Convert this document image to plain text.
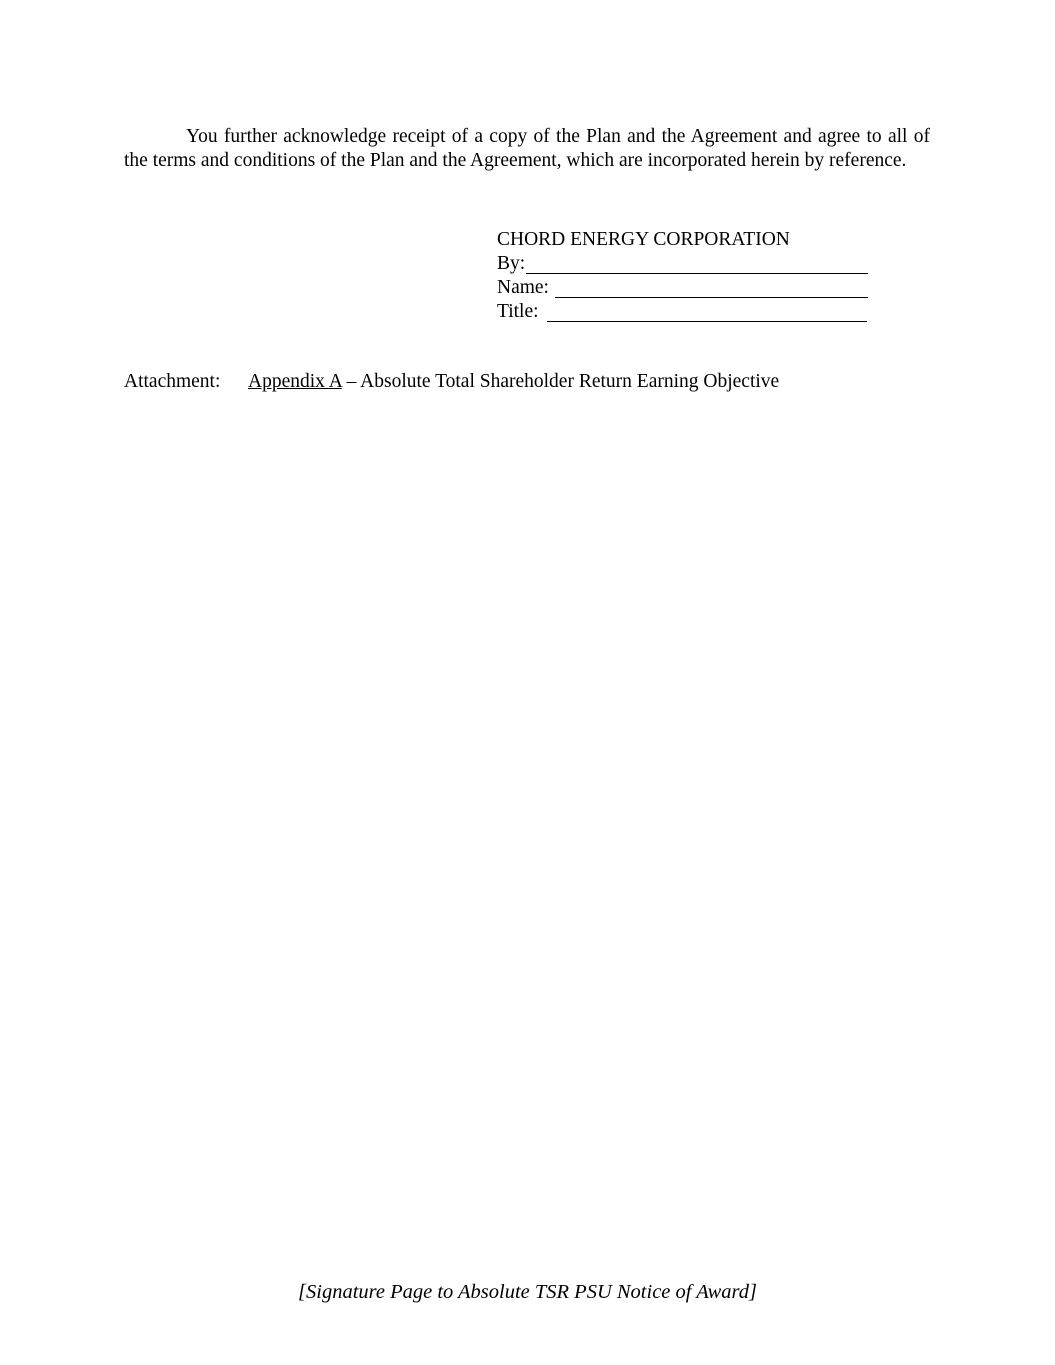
You further acknowledge receipt of a copy of the Plan and the Agreement and agree to all of the terms and conditions of the Plan and the Agreement, which are incorporated herein by reference.

CHORD ENERGY CORPORATION
By:
Name:
Title:
Attachment: Appendix A – Absolute Total Shareholder Return Earning Objective
[Signature Page to Absolute TSR PSU Notice of Award]
